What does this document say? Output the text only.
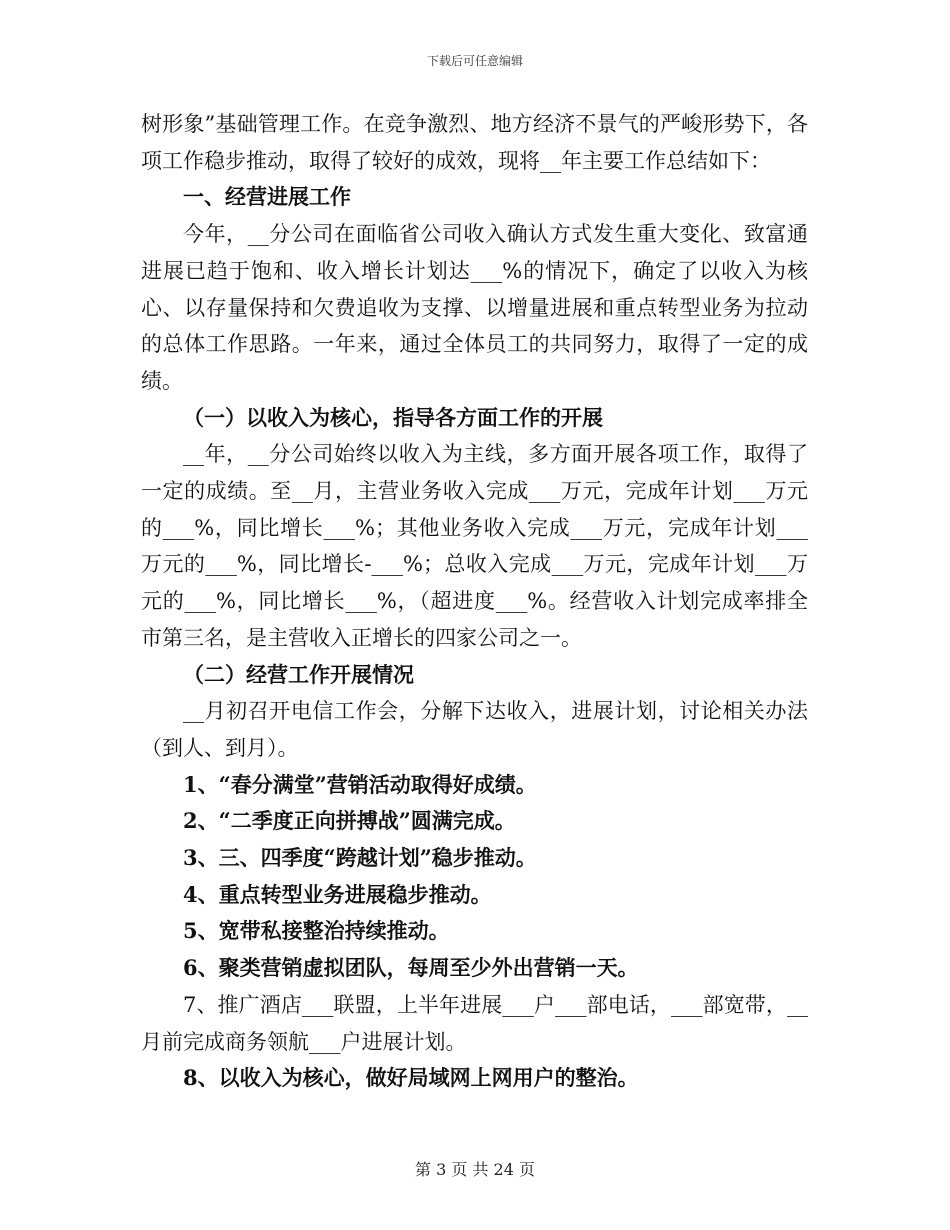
下载后可任意编辑

树形象”基础管理工作。在竞争激烈、地方经济不景气的严峻形势下，各项工作稳步推动，取得了较好的成效，现将__年主要工作总结如下：

一、经营进展工作

今年，__分公司在面临省公司收入确认方式发生重大变化、致富通进展已趋于饱和、收入增长计划达___%的情况下，确定了以收入为核心、以存量保持和欠费追收为支撑、以增量进展和重点转型业务为拉动的总体工作思路。一年来，通过全体员工的共同努力，取得了一定的成绩。

（一）以收入为核心，指导各方面工作的开展

__年，__分公司始终以收入为主线，多方面开展各项工作，取得了一定的成绩。至__月，主营业务收入完成___万元，完成年计划___万元的___%，同比增长___%；其他业务收入完成___万元，完成年计划___万元的___%，同比增长-___%；总收入完成___万元，完成年计划___万元的___%，同比增长___%，（超进度___%。经营收入计划完成率排全市第三名，是主营收入正增长的四家公司之一。

（二）经营工作开展情况

__月初召开电信工作会，分解下达收入，进展计划，讨论相关办法（到人、到月）。

1、“春分满堂”营销活动取得好成绩。

2、“二季度正向拼搏战”圆满完成。

3、三、四季度“跨越计划”稳步推动。

4、重点转型业务进展稳步推动。

5、宽带私接整治持续推动。

6、聚类营销虚拟团队，每周至少外出营销一天。

7、推广酒店___联盟，上半年进展___户___部电话，___部宽带，__月前完成商务领航___户进展计划。

8、以收入为核心，做好局域网上网用户的整治。

第 3 页 共 24 页
